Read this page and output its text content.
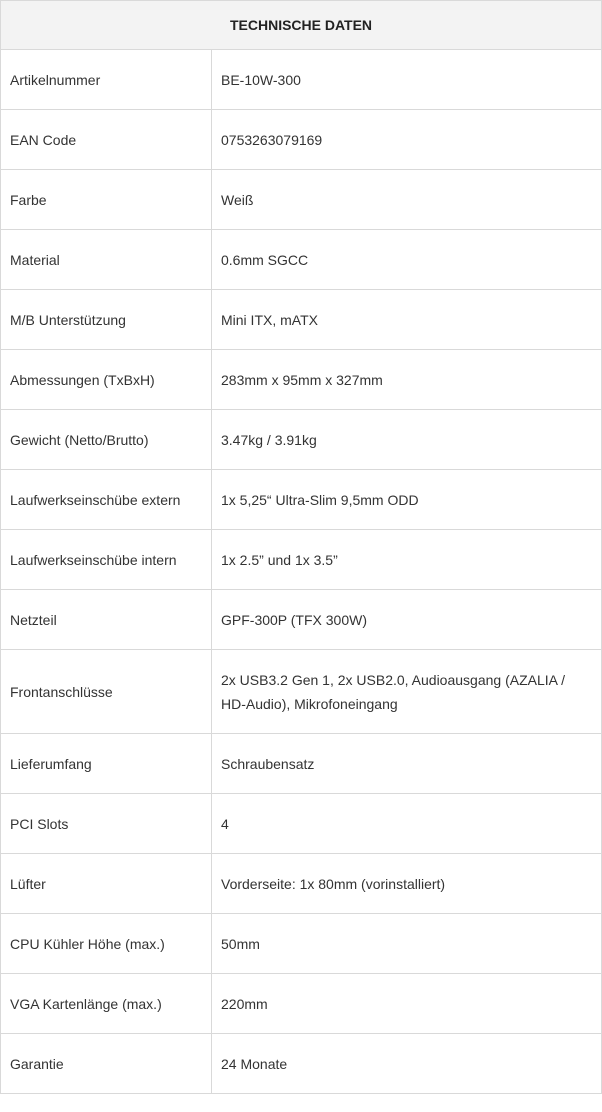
TECHNISCHE DATEN	
Artikelnummer	BE-10W-300
EAN Code	0753263079169
Farbe	Weiß
Material	0.6mm SGCC
M/B Unterstützung	Mini ITX, mATX
Abmessungen (TxBxH)	283mm x 95mm x 327mm
Gewicht (Netto/Brutto)	3.47kg / 3.91kg
Laufwerkseinschübe extern	1x 5,25“ Ultra-Slim 9,5mm ODD
Laufwerkseinschübe intern	1x 2.5” und 1x 3.5”
Netzteil	GPF-300P (TFX 300W)
Frontanschlüsse	2x USB3.2 Gen 1, 2x USB2.0, Audioausgang (AZALIA / HD-Audio), Mikrofoneingang
Lieferumfang	Schraubensatz
PCI Slots	4
Lüfter	Vorderseite: 1x 80mm (vorinstalliert)
CPU Kühler Höhe (max.)	50mm
VGA Kartenlänge (max.)	220mm
Garantie	24 Monate
